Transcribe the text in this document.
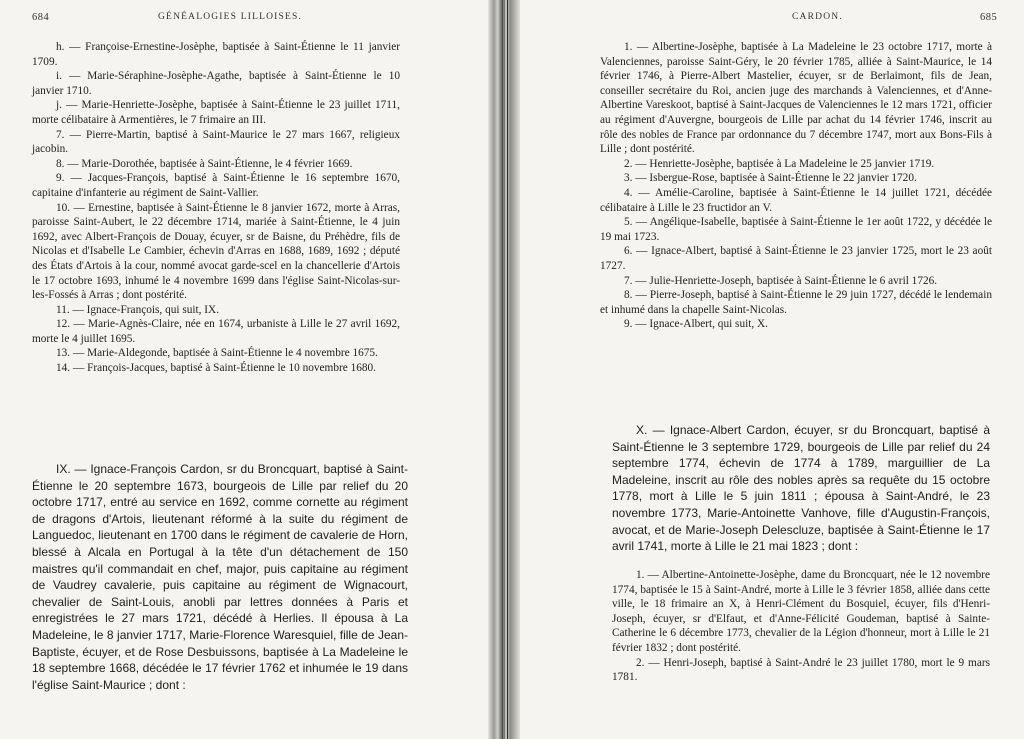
684	GÉNÉALOGIES LILLOISES.

h. — Françoise-Ernestine-Josèphe, baptisée à Saint-Étienne le 11 janvier 1709.

i. — Marie-Séraphine-Josèphe-Agathe, baptisée à Saint-Étienne le 10 janvier 1710.

j. — Marie-Henriette-Josèphe, baptisée à Saint-Étienne le 23 juillet 1711, morte célibataire à Armentières, le 7 frimaire an III.

7. — Pierre-Martin, baptisé à Saint-Maurice le 27 mars 1667, religieux jacobin.

8. — Marie-Dorothée, baptisée à Saint-Étienne, le 4 février 1669.

9. — Jacques-François, baptisé à Saint-Étienne le 16 septembre 1670, capitaine d'infanterie au régiment de Saint-Vallier.

10. — Ernestine, baptisée à Saint-Étienne le 8 janvier 1672, morte à Arras, paroisse Saint-Aubert, le 22 décembre 1714, mariée à Saint-Étienne, le 4 juin 1692, avec Albert-François de Douay, écuyer, sr de Baisne, du Préhèdre, fils de Nicolas et d'Isabelle Le Cambier, échevin d'Arras en 1688, 1689, 1692 ; député des États d'Artois à la cour, nommé avocat garde-scel en la chancellerie d'Artois le 17 octobre 1693, inhumé le 4 novembre 1699 dans l'église Saint-Nicolas-sur-les-Fossés à Arras ; dont postérité.

11. — Ignace-François, qui suit, IX.

12. — Marie-Agnès-Claire, née en 1674, urbaniste à Lille le 27 avril 1692, morte le 4 juillet 1695.

13. — Marie-Aldegonde, baptisée à Saint-Étienne le 4 novembre 1675.

14. — François-Jacques, baptisé à Saint-Étienne le 10 novembre 1680.

IX. — Ignace-François Cardon, sr du Broncquart, baptisé à Saint-Étienne le 20 septembre 1673, bourgeois de Lille par relief du 20 octobre 1717, entré au service en 1692, comme cornette au régiment de dragons d'Artois, lieutenant réformé à la suite du régiment de Languedoc, lieutenant en 1700 dans le régiment de cavalerie de Horn, blessé à Alcala en Portugal à la tête d'un détachement de 150 maistres qu'il commandait en chef, major, puis capitaine au régiment de Vaudrey cavalerie, puis capitaine au régiment de Wignacourt, chevalier de Saint-Louis, anobli par lettres données à Paris et enregistrées le 27 mars 1721, décédé à Herlies. Il épousa à La Madeleine, le 8 janvier 1717, Marie-Florence Waresquiel, fille de Jean-Baptiste, écuyer, et de Rose Desbuissons, baptisée à La Madeleine le 18 septembre 1668, décédée le 17 février 1762 et inhumée le 19 dans l'église Saint-Maurice ; dont :

CARDON.	685

1. — Albertine-Josèphe, baptisée à La Madeleine le 23 octobre 1717, morte à Valenciennes, paroisse Saint-Géry, le 20 février 1785, alliée à Saint-Maurice, le 14 février 1746, à Pierre-Albert Mastelier, écuyer, sr de Berlaimont, fils de Jean, conseiller secrétaire du Roi, ancien juge des marchands à Valenciennes, et d'Anne-Albertine Vareskoot, baptisé à Saint-Jacques de Valenciennes le 12 mars 1721, officier au régiment d'Auvergne, bourgeois de Lille par achat du 14 février 1746, inscrit au rôle des nobles de France par ordonnance du 7 décembre 1747, mort aux Bons-Fils à Lille ; dont postérité.

2. — Henriette-Josèphe, baptisée à La Madeleine le 25 janvier 1719.

3. — Isbergue-Rose, baptisée à Saint-Étienne le 22 janvier 1720.

4. — Amélie-Caroline, baptisée à Saint-Étienne le 14 juillet 1721, décédée célibataire à Lille le 23 fructidor an V.

5. — Angélique-Isabelle, baptisée à Saint-Étienne le 1er août 1722, y décédée le 19 mai 1723.

6. — Ignace-Albert, baptisé à Saint-Étienne le 23 janvier 1725, mort le 23 août 1727.

7. — Julie-Henriette-Joseph, baptisée à Saint-Étienne le 6 avril 1726.

8. — Pierre-Joseph, baptisé à Saint-Étienne le 29 juin 1727, décédé le lendemain et inhumé dans la chapelle Saint-Nicolas.

9. — Ignace-Albert, qui suit, X.

X. — Ignace-Albert Cardon, écuyer, sr du Broncquart, baptisé à Saint-Étienne le 3 septembre 1729, bourgeois de Lille par relief du 24 septembre 1774, échevin de 1774 à 1789, marguillier de La Madeleine, inscrit au rôle des nobles après sa requête du 15 octobre 1778, mort à Lille le 5 juin 1811 ; épousa à Saint-André, le 23 novembre 1773, Marie-Antoinette Vanhove, fille d'Augustin-François, avocat, et de Marie-Joseph Delescluze, baptisée à Saint-Étienne le 17 avril 1741, morte à Lille le 21 mai 1823 ; dont :

1. — Albertine-Antoinette-Josèphe, dame du Broncquart, née le 12 novembre 1774, baptisée le 15 à Saint-André, morte à Lille le 3 février 1858, alliée dans cette ville, le 18 frimaire an X, à Henri-Clément du Bosquiel, écuyer, fils d'Henri-Joseph, écuyer, sr d'Elfaut, et d'Anne-Félicité Goudeman, baptisé à Sainte-Catherine le 6 décembre 1773, chevalier de la Légion d'honneur, mort à Lille le 21 février 1832 ; dont postérité.

2. — Henri-Joseph, baptisé à Saint-André le 23 juillet 1780, mort le 9 mars 1781.
